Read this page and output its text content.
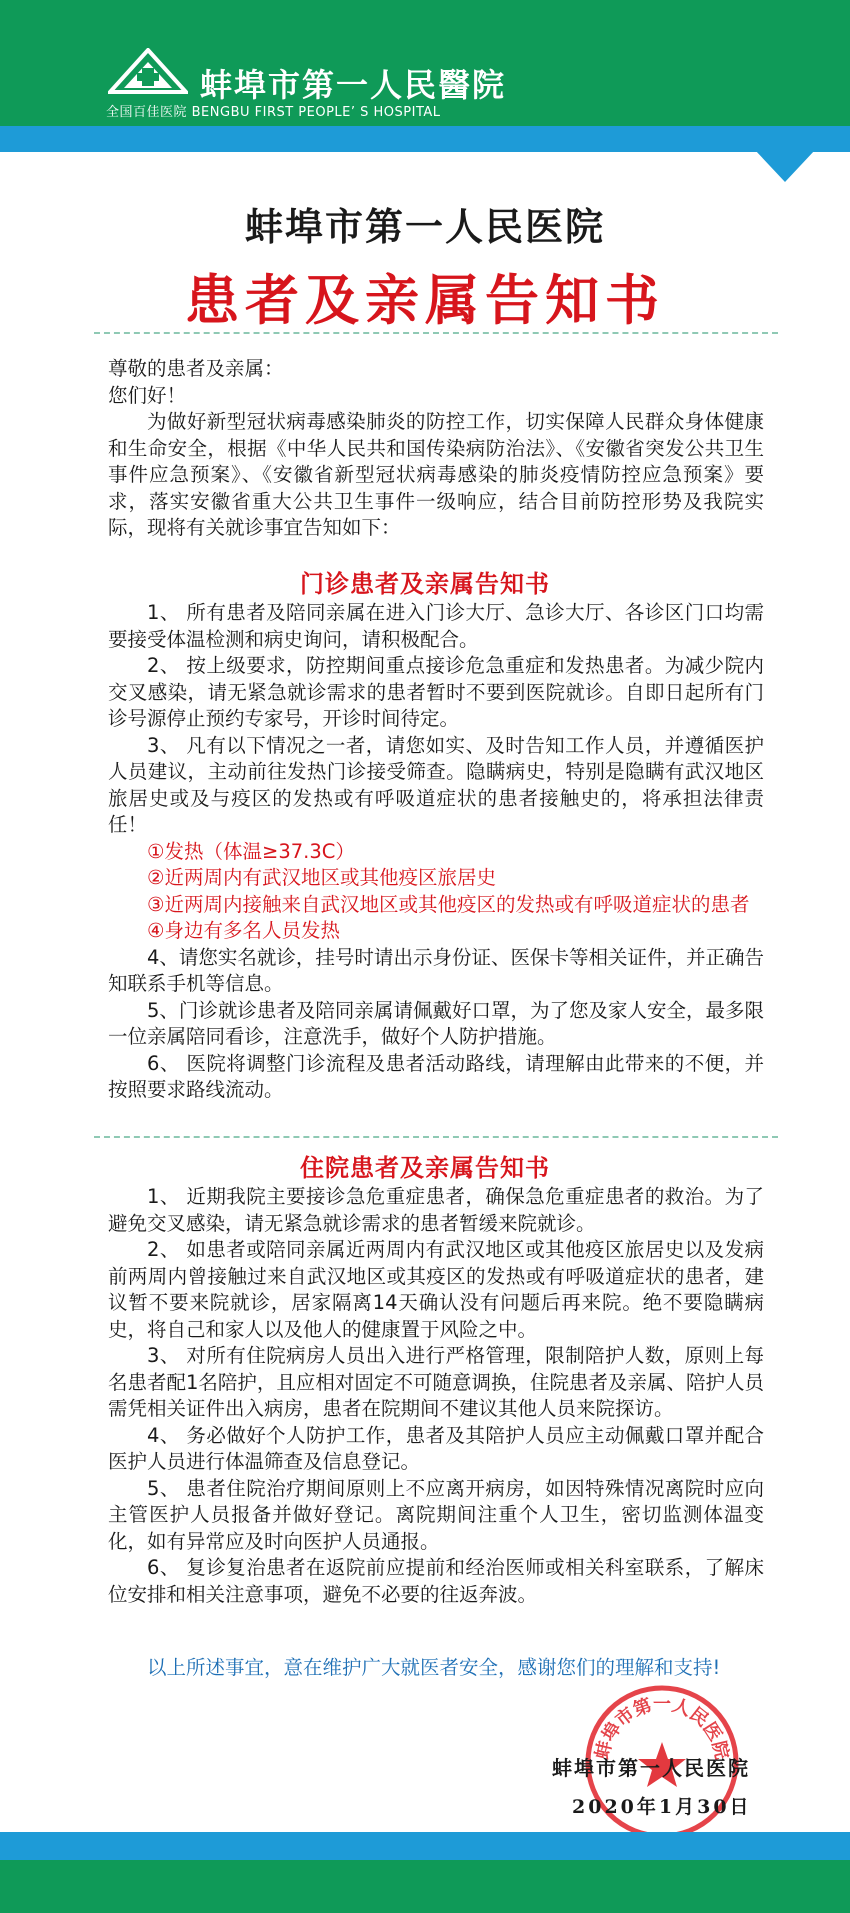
蚌埠市第一人民醫院
全国百佳医院 BENGBU FIRST PEOPLE’ S HOSPITAL
蚌埠市第一人民医院
患者及亲属告知书

尊敬的患者及亲属：

您们好！

为做好新型冠状病毒感染肺炎的防控工作，切实保障人民群众身体健康和生命安全，根据《中华人民共和国传染病防治法》、《安徽省突发公共卫生事件应急预案》、《安徽省新型冠状病毒感染的肺炎疫情防控应急预案》要求，落实安徽省重大公共卫生事件一级响应，结合目前防控形势及我院实际，现将有关就诊事宜告知如下：

门诊患者及亲属告知书

1、 所有患者及陪同亲属在进入门诊大厅、急诊大厅、各诊区门口均需要接受体温检测和病史询问，请积极配合。

2、 按上级要求，防控期间重点接诊危急重症和发热患者。为减少院内交叉感染，请无紧急就诊需求的患者暂时不要到医院就诊。自即日起所有门诊号源停止预约专家号，开诊时间待定。

3、 凡有以下情况之一者，请您如实、及时告知工作人员，并遵循医护人员建议，主动前往发热门诊接受筛查。隐瞒病史，特别是隐瞒有武汉地区旅居史或及与疫区的发热或有呼吸道症状的患者接触史的，将承担法律责任！

①发热（体温≥37.3C）

②近两周内有武汉地区或其他疫区旅居史

③近两周内接触来自武汉地区或其他疫区的发热或有呼吸道症状的患者

④身边有多名人员发热

4、请您实名就诊，挂号时请出示身份证、医保卡等相关证件，并正确告知联系手机等信息。

5、门诊就诊患者及陪同亲属请佩戴好口罩，为了您及家人安全，最多限一位亲属陪同看诊，注意洗手，做好个人防护措施。

6、 医院将调整门诊流程及患者活动路线，请理解由此带来的不便，并按照要求路线流动。

住院患者及亲属告知书

1、 近期我院主要接诊急危重症患者，确保急危重症患者的救治。为了避免交叉感染，请无紧急就诊需求的患者暂缓来院就诊。

2、 如患者或陪同亲属近两周内有武汉地区或其他疫区旅居史以及发病前两周内曾接触过来自武汉地区或其疫区的发热或有呼吸道症状的患者，建议暂不要来院就诊，居家隔离14天确认没有问题后再来院。绝不要隐瞒病史，将自己和家人以及他人的健康置于风险之中。

3、 对所有住院病房人员出入进行严格管理，限制陪护人数，原则上每名患者配1名陪护，且应相对固定不可随意调换，住院患者及亲属、陪护人员需凭相关证件出入病房，患者在院期间不建议其他人员来院探访。

4、 务必做好个人防护工作，患者及其陪护人员应主动佩戴口罩并配合医护人员进行体温筛查及信息登记。

5、 患者住院治疗期间原则上不应离开病房，如因特殊情况离院时应向主管医护人员报备并做好登记。离院期间注重个人卫生，密切监测体温变化，如有异常应及时向医护人员通报。

6、 复诊复治患者在返院前应提前和经治医师或相关科室联系，了解床位安排和相关注意事项，避免不必要的往返奔波。

以上所述事宜，意在维护广大就医者安全，感谢您们的理解和支持!
蚌埠市第一人民医院
蚌埠市第一人民医院
2020年1月30日
